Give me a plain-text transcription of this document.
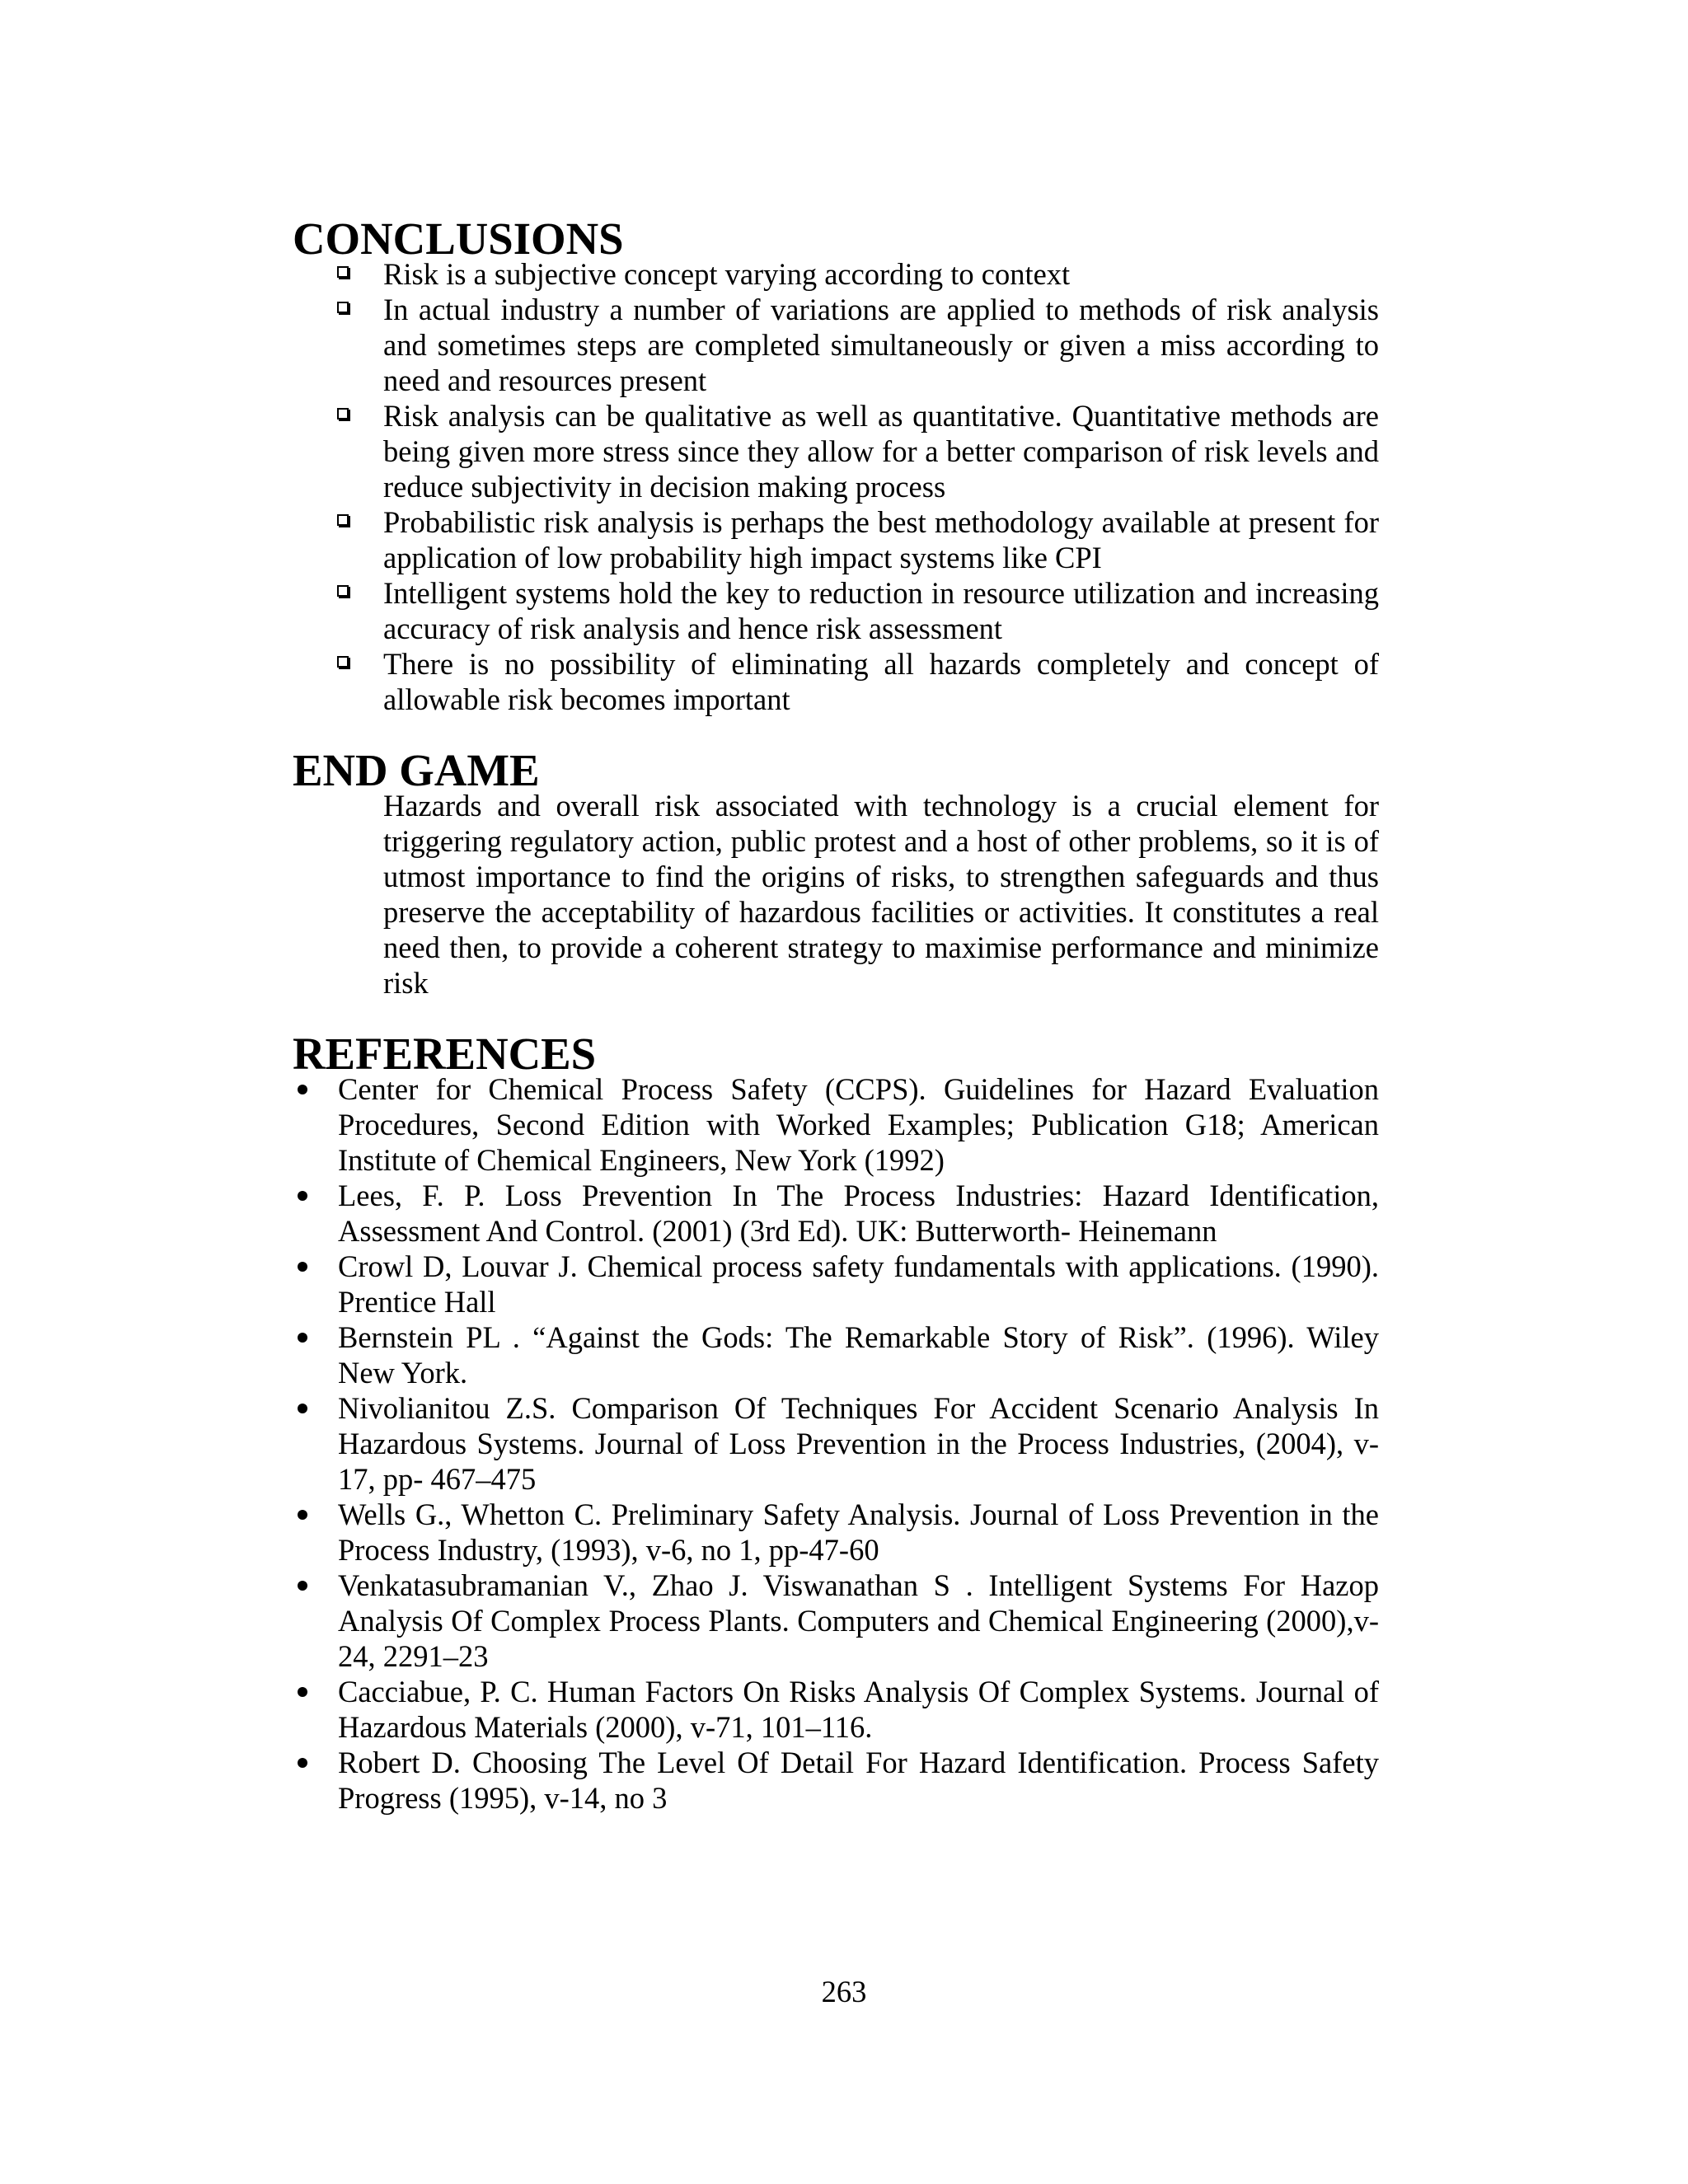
CONCLUSIONS
Risk is a subjective concept varying according to context
In actual industry a number of variations are applied to methods of risk analysis and sometimes steps are completed simultaneously or given a miss according to need and resources present
Risk analysis can be qualitative as well as quantitative. Quantitative methods are being given more stress since they allow for a better comparison of risk levels and reduce subjectivity in decision making process
Probabilistic risk analysis is perhaps the best methodology available at present for application of low probability high impact systems like CPI
Intelligent systems hold the key to reduction in resource utilization and increasing accuracy of risk analysis and hence risk assessment
There is no possibility of eliminating all hazards completely and concept of allowable risk becomes important
END GAME

Hazards and overall risk associated with technology is a crucial element for triggering regulatory action, public protest and a host of other problems, so it is of utmost importance to find the origins of risks, to strengthen safeguards and thus preserve the acceptability of hazardous facilities or activities. It constitutes a real need then, to provide a coherent strategy to maximise performance and minimize risk

REFERENCES
Center for Chemical Process Safety (CCPS). Guidelines for Hazard Evaluation Procedures, Second Edition with Worked Examples; Publication G18; American Institute of Chemical Engineers, New York (1992)
Lees, F. P. Loss Prevention In The Process Industries: Hazard Identification, Assessment And Control. (2001) (3rd Ed). UK: Butterworth- Heinemann
Crowl D, Louvar J. Chemical process safety fundamentals with applications. (1990). Prentice Hall
Bernstein PL . “Against the Gods: The Remarkable Story of Risk”. (1996). Wiley New York.
Nivolianitou Z.S. Comparison Of Techniques For Accident Scenario Analysis In Hazardous Systems. Journal of Loss Prevention in the Process Industries, (2004), v-17, pp- 467–475
Wells G., Whetton C. Preliminary Safety Analysis. Journal of Loss Prevention in the Process Industry, (1993), v-6, no 1, pp-47-60
Venkatasubramanian V., Zhao J. Viswanathan S . Intelligent Systems For Hazop Analysis Of Complex Process Plants. Computers and Chemical Engineering (2000),v-24, 2291–23
Cacciabue, P. C. Human Factors On Risks Analysis Of Complex Systems. Journal of Hazardous Materials (2000), v-71, 101–116.
Robert D. Choosing The Level Of Detail For Hazard Identification. Process Safety Progress (1995), v-14, no 3
263
